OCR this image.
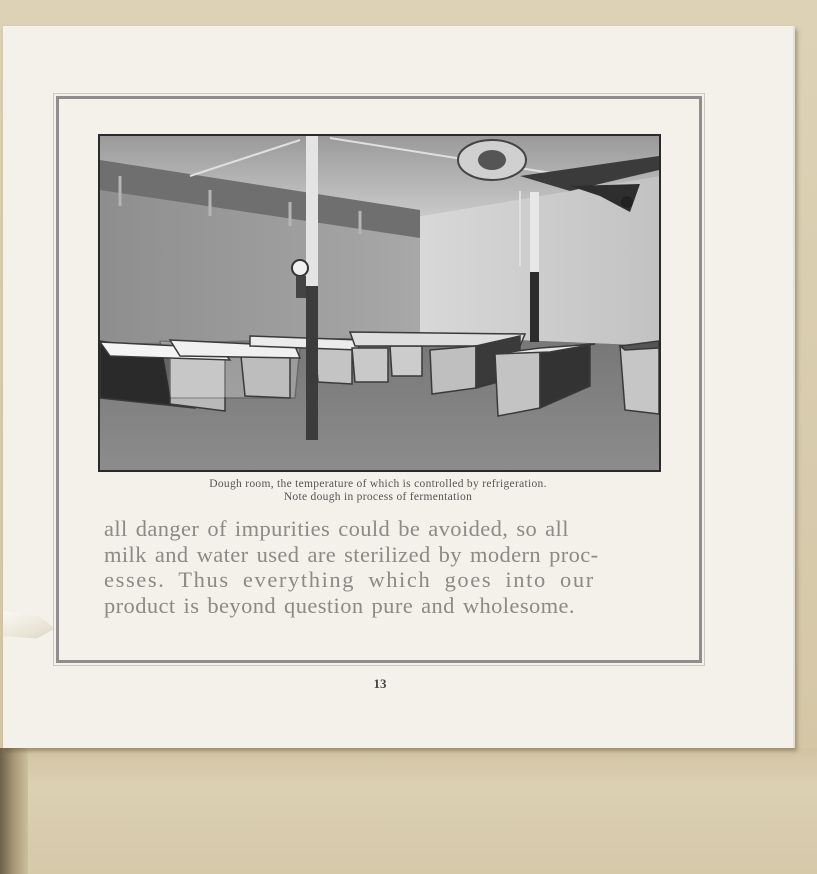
Dough room, the temperature of which is controlled by refrigeration.
Note dough in process of fermentation
all danger of impurities could be avoided, so all
milk and water used are sterilized by modern proc-
esses. Thus everything which goes into our
product is beyond question pure and wholesome.
13
